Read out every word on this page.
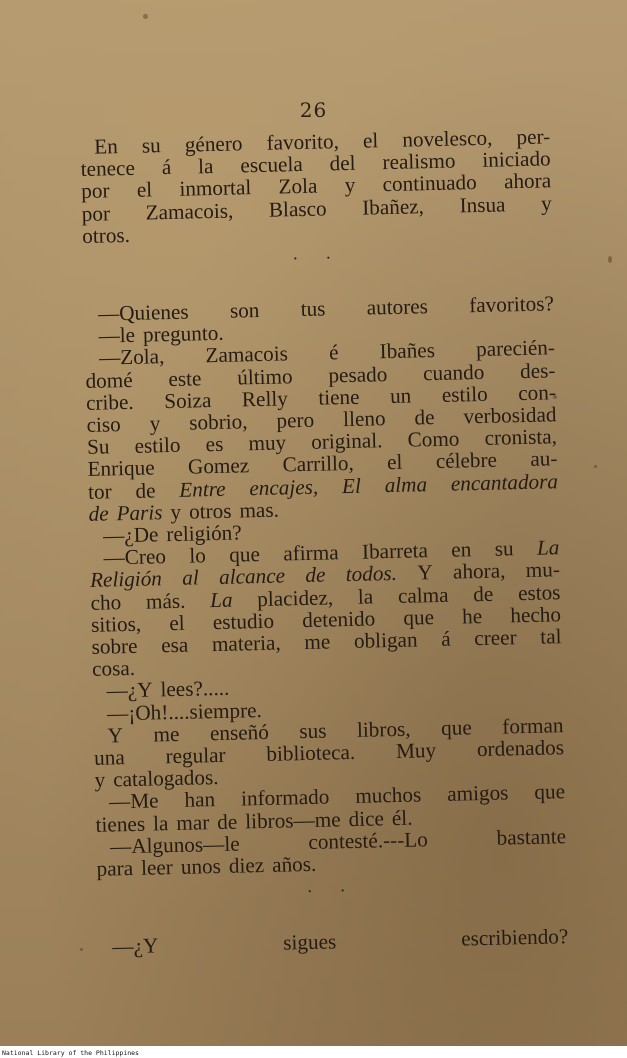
26
En su género favorito, el novelesco, per-
tenece á la escuela del realismo iniciado
por el inmortal Zola y continuado ahora
por Zamacois, Blasco Ibañez, Insua y
otros.
. .
—Quienes son tus autores favoritos?
—le pregunto.
—Zola, Zamacois é Ibañes parecién-
domé este último pesado cuando des-
cribe. Soiza Relly tiene un estilo con-
ciso y sobrio, pero lleno de verbosidad
Su estilo es muy original. Como cronista,
Enrique Gomez Carrillo, el célebre au-
tor de Entre encajes, El alma encantadora
de Paris y otros mas.
—¿De religión?
—Creo lo que afirma Ibarreta en su La
Religión al alcance de todos. Y ahora, mu-
cho más. La placidez, la calma de estos
sitios, el estudio detenido que he hecho
sobre esa materia, me obligan á creer tal
cosa.
—¿Y lees?.....
—¡Oh!....siempre.
Y me enseñó sus libros, que forman
una regular biblioteca. Muy ordenados
y catalogados.
—Me han informado muchos amigos que
tienes la mar de libros—me dice él.
—Algunos—le	contesté.---Lo	bastante
para leer unos diez años.
. .
—¿Y	sigues	escribiendo?
National Library of the Philippines
